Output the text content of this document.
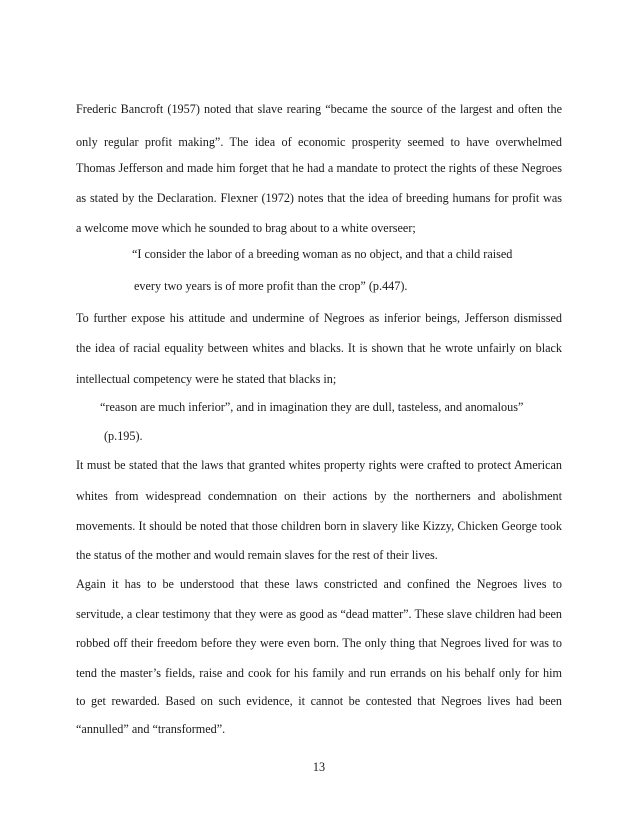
Frederic Bancroft (1957) noted that slave rearing “became the source of the largest and often the
only regular profit making”. The idea of economic prosperity seemed to have overwhelmed
Thomas Jefferson and made him forget that he had a mandate to protect the rights of these Negroes
as stated by the Declaration. Flexner (1972) notes that the idea of breeding humans for profit was
a welcome move which he sounded to brag about to a white overseer;
“I consider the labor of a breeding woman as no object, and that a child raised
every two years is of more profit than the crop” (p.447).
To further expose his attitude and undermine of Negroes as inferior beings, Jefferson dismissed
the idea of racial equality between whites and blacks. It is shown that he wrote unfairly on black
intellectual competency were he stated that blacks in;
“reason are much inferior”, and in imagination they are dull, tasteless, and anomalous”
(p.195).
It must be stated that the laws that granted whites property rights were crafted to protect American
whites from widespread condemnation on their actions by the northerners and abolishment
movements. It should be noted that those children born in slavery like Kizzy, Chicken George took
the status of the mother and would remain slaves for the rest of their lives.
Again it has to be understood that these laws constricted and confined the Negroes lives to
servitude, a clear testimony that they were as good as “dead matter”. These slave children had been
robbed off their freedom before they were even born. The only thing that Negroes lived for was to
tend the master’s fields, raise and cook for his family and run errands on his behalf only for him
to get rewarded. Based on such evidence, it cannot be contested that Negroes lives had been
“annulled” and “transformed”.
13
